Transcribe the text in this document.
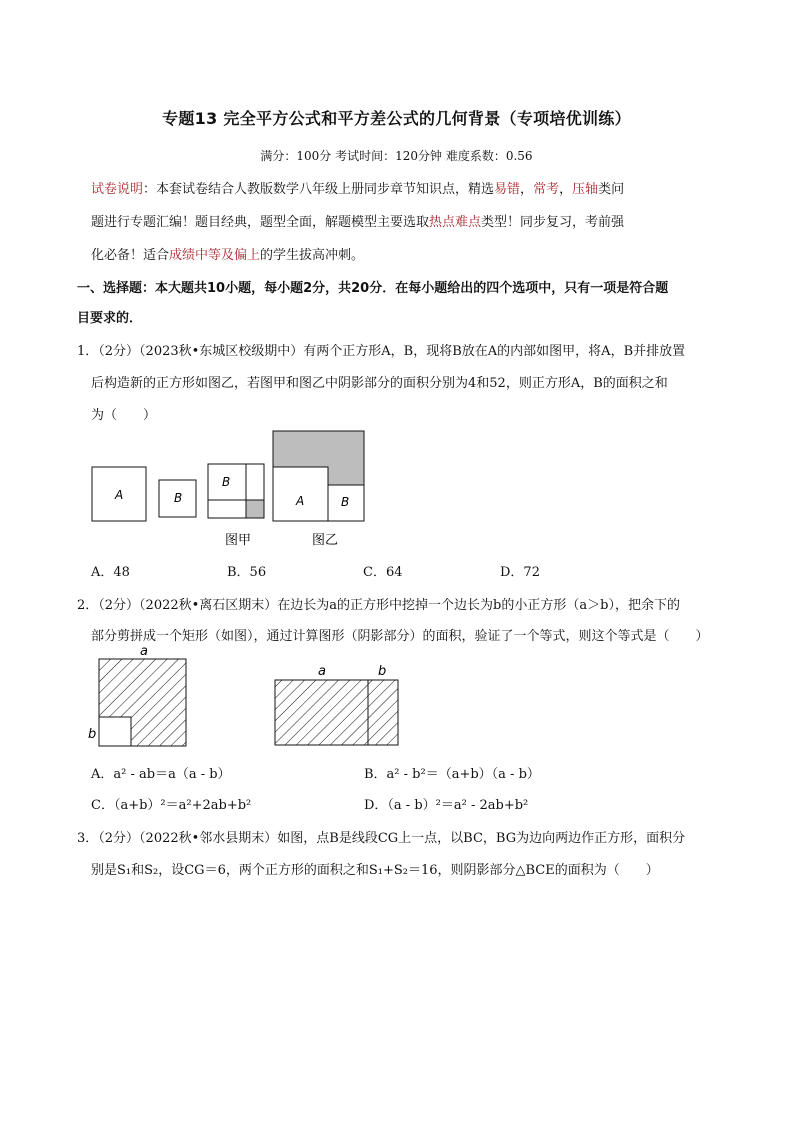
专题13 完全平方公式和平方差公式的几何背景（专项培优训练）
满分：100分 考试时间：120分钟 难度系数：0.56
试卷说明：本套试卷结合人教版数学八年级上册同步章节知识点，精选易错，常考，压轴类问
题进行专题汇编！题目经典，题型全面，解题模型主要选取热点难点类型！同步复习，考前强
化必备！适合成绩中等及偏上的学生拔高冲刺。
一、选择题：本大题共10小题，每小题2分，共20分．在每小题给出的四个选项中，只有一项是符合题
目要求的．
1．（2分）（2023秋•东城区校级期中）有两个正方形A，B，现将B放在A的内部如图甲，将A，B并排放置
后构造新的正方形如图乙，若图甲和图乙中阴影部分的面积分别为4和52，则正方形A，B的面积之和
为（　　）
A	B
B
图甲
A	B
图乙
a
b
a	b
A．48	B．56	C．64	D．72
2．（2分）（2022秋•离石区期末）在边长为a的正方形中挖掉一个边长为b的小正方形（a＞b），把余下的
部分剪拼成一个矩形（如图），通过计算图形（阴影部分）的面积，验证了一个等式，则这个等式是（　　）
A．a² - ab＝a（a - b）	B．a² - b²＝（a+b）（a - b）
C．（a+b）²＝a²+2ab+b²	D．（a - b）²＝a² - 2ab+b²
3．（2分）（2022秋•邻水县期末）如图，点B是线段CG上一点，以BC，BG为边向两边作正方形，面积分
别是S₁和S₂，设CG＝6，两个正方形的面积之和S₁+S₂＝16，则阴影部分△BCE的面积为（　　）
